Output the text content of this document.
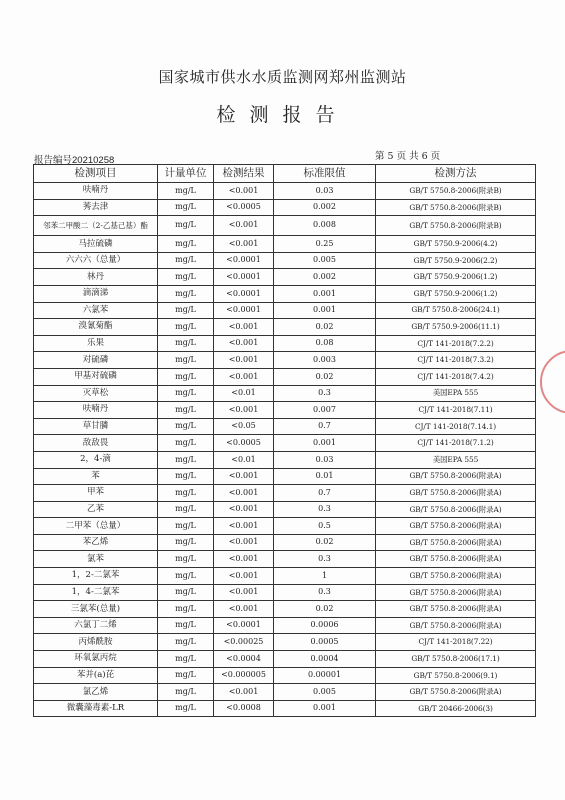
国家城市供水水质监测网郑州监测站
检测报告
报告编号20210258	第 5 页 共 6 页
检测项目	计量单位	检测结果	标准限值	检测方法
呋喃丹	mg/L	<0.001	0.03	GB/T 5750.8-2006(附录B)
莠去津	mg/L	<0.0005	0.002	GB/T 5750.8-2006(附录B)
邻苯二甲酸二（2-乙基己基）酯	mg/L	<0.001	0.008	GB/T 5750.8-2006(附录B)
马拉硫磷	mg/L	<0.001	0.25	GB/T 5750.9-2006(4.2)
六六六（总量）	mg/L	<0.0001	0.005	GB/T 5750.9-2006(2.2)
林丹	mg/L	<0.0001	0.002	GB/T 5750.9-2006(1.2)
滴滴涕	mg/L	<0.0001	0.001	GB/T 5750.9-2006(1.2)
六氯苯	mg/L	<0.0001	0.001	GB/T 5750.8-2006(24.1)
溴氰菊酯	mg/L	<0.001	0.02	GB/T 5750.9-2006(11.1)
乐果	mg/L	<0.001	0.08	CJ/T 141-2018(7.2.2)
对硫磷	mg/L	<0.001	0.003	CJ/T 141-2018(7.3.2)
甲基对硫磷	mg/L	<0.001	0.02	CJ/T 141-2018(7.4.2)
灭草松	mg/L	<0.01	0.3	美国EPA 555
呋喃丹	mg/L	<0.001	0.007	CJ/T 141-2018(7.11)
草甘膦	mg/L	<0.05	0.7	CJ/T 141-2018(7.14.1)
敌敌畏	mg/L	<0.0005	0.001	CJ/T 141-2018(7.1.2)
2，4-滴	mg/L	<0.01	0.03	美国EPA 555
苯	mg/L	<0.001	0.01	GB/T 5750.8-2006(附录A)
甲苯	mg/L	<0.001	0.7	GB/T 5750.8-2006(附录A)
乙苯	mg/L	<0.001	0.3	GB/T 5750.8-2006(附录A)
二甲苯（总量）	mg/L	<0.001	0.5	GB/T 5750.8-2006(附录A)
苯乙烯	mg/L	<0.001	0.02	GB/T 5750.8-2006(附录A)
氯苯	mg/L	<0.001	0.3	GB/T 5750.8-2006(附录A)
1，2-二氯苯	mg/L	<0.001	1	GB/T 5750.8-2006(附录A)
1，4-二氯苯	mg/L	<0.001	0.3	GB/T 5750.8-2006(附录A)
三氯苯(总量)	mg/L	<0.001	0.02	GB/T 5750.8-2006(附录A)
六氯丁二烯	mg/L	<0.0001	0.0006	GB/T 5750.8-2006(附录A)
丙烯酰胺	mg/L	<0.00025	0.0005	CJ/T 141-2018(7.22)
环氧氯丙烷	mg/L	<0.0004	0.0004	GB/T 5750.8-2006(17.1)
苯并(a)芘	mg/L	<0.000005	0.00001	GB/T 5750.8-2006(9.1)
氯乙烯	mg/L	<0.001	0.005	GB/T 5750.8-2006(附录A)
微囊藻毒素-LR	mg/L	<0.0008	0.001	GB/T 20466-2006(3)
